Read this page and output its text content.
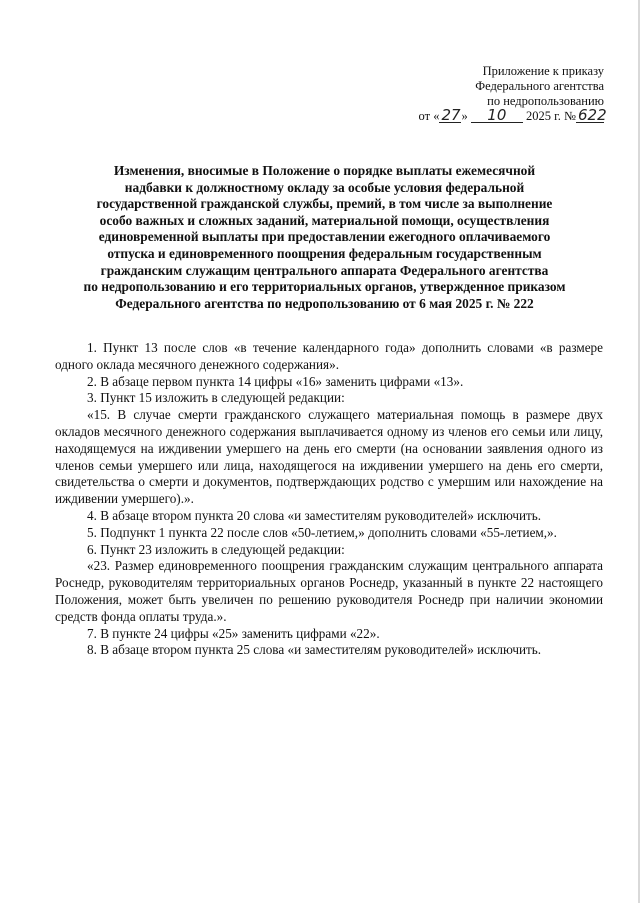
Приложение к приказу
Федерального агентства
по недропользованию
от « 27» 10 2025 г. № 622
Изменения, вносимые в Положение о порядке выплаты ежемесячной
надбавки к должностному окладу за особые условия федеральной
государственной гражданской службы, премий, в том числе за выполнение
особо важных и сложных заданий, материальной помощи, осуществления
единовременной выплаты при предоставлении ежегодного оплачиваемого
отпуска и единовременного поощрения федеральным государственным
гражданским служащим центрального аппарата Федерального агентства
по недропользованию и его территориальных органов, утвержденное приказом
Федерального агентства по недропользованию от 6 мая 2025 г. № 222

1. Пункт 13 после слов «в течение календарного года» дополнить словами «в размере одного оклада месячного денежного содержания».

2. В абзаце первом пункта 14 цифры «16» заменить цифрами «13».

3. Пункт 15 изложить в следующей редакции:

«15. В случае смерти гражданского служащего материальная помощь в размере двух окладов месячного денежного содержания выплачивается одному из членов его семьи или лицу, находящемуся на иждивении умершего на день его смерти (на основании заявления одного из членов семьи умершего или лица, находящегося на иждивении умершего на день его смерти, свидетельства о смерти и документов, подтверждающих родство с умершим или нахождение на иждивении умершего).».

4. В абзаце втором пункта 20 слова «и заместителям руководителей» исключить.

5. Подпункт 1 пункта 22 после слов «50-летием,» дополнить словами «55-летием,».

6. Пункт 23 изложить в следующей редакции:

«23. Размер единовременного поощрения гражданским служащим центрального аппарата Роснедр, руководителям территориальных органов Роснедр, указанный в пункте 22 настоящего Положения, может быть увеличен по решению руководителя Роснедр при наличии экономии средств фонда оплаты труда.».

7. В пункте 24 цифры «25» заменить цифрами «22».

8. В абзаце втором пункта 25 слова «и заместителям руководителей» исключить.
